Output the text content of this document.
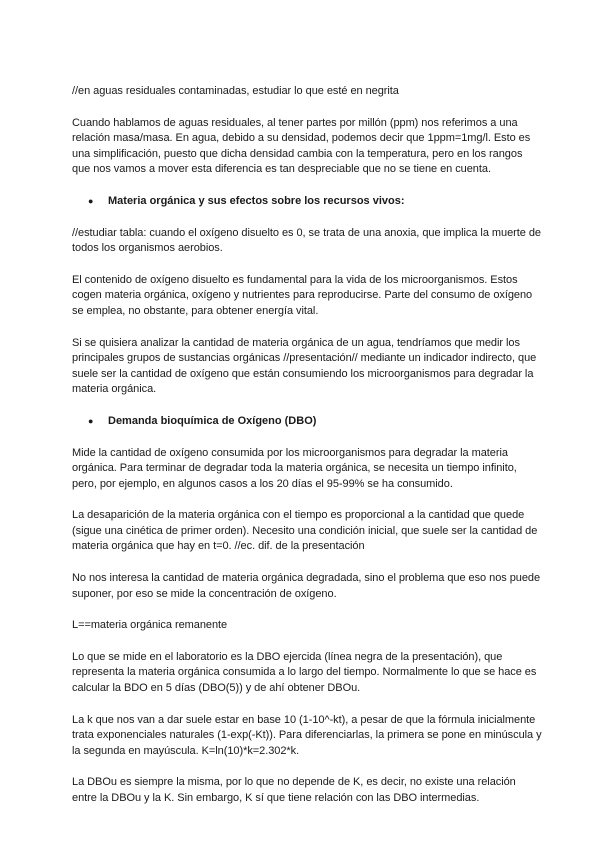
//en aguas residuales contaminadas, estudiar lo que esté en negrita

Cuando hablamos de aguas residuales, al tener partes por millón (ppm) nos referimos a una relación masa/masa. En agua, debido a su densidad, podemos decir que 1ppm=1mg/l. Esto es una simplificación, puesto que dicha densidad cambia con la temperatura, pero en los rangos que nos vamos a mover esta diferencia es tan despreciable que no se tiene en cuenta.

●	Materia orgánica y sus efectos sobre los recursos vivos:

//estudiar tabla: cuando el oxígeno disuelto es 0, se trata de una anoxia, que implica la muerte de todos los organismos aerobios.

El contenido de oxígeno disuelto es fundamental para la vida de los microorganismos. Estos cogen materia orgánica, oxígeno y nutrientes para reproducirse. Parte del consumo de oxígeno se emplea, no obstante, para obtener energía vital.

Si se quisiera analizar la cantidad de materia orgánica de un agua, tendríamos que medir los principales grupos de sustancias orgánicas //presentación// mediante un indicador indirecto, que suele ser la cantidad de oxígeno que están consumiendo los microorganismos para degradar la materia orgánica.

●	Demanda bioquímica de Oxígeno (DBO)

Mide la cantidad de oxígeno consumida por los microorganismos para degradar la materia orgánica. Para terminar de degradar toda la materia orgánica, se necesita un tiempo infinito, pero, por ejemplo, en algunos casos a los 20 días el 95-99% se ha consumido.

La desaparición de la materia orgánica con el tiempo es proporcional a la cantidad que quede (sigue una cinética de primer orden). Necesito una condición inicial, que suele ser la cantidad de materia orgánica que hay en t=0. //ec. dif. de la presentación

No nos interesa la cantidad de materia orgánica degradada, sino el problema que eso nos puede suponer, por eso se mide la concentración de oxígeno.

L==materia orgánica remanente

Lo que se mide en el laboratorio es la DBO ejercida (línea negra de la presentación), que representa la materia orgánica consumida a lo largo del tiempo. Normalmente lo que se hace es calcular la BDO en 5 días (DBO(5)) y de ahí obtener DBOu.

La k que nos van a dar suele estar en base 10 (1-10^-kt), a pesar de que la fórmula inicialmente trata exponenciales naturales (1-exp(-Kt)). Para diferenciarlas, la primera se pone en minúscula y la segunda en mayúscula. K=ln(10)*k=2.302*k.

La DBOu es siempre la misma, por lo que no depende de K, es decir, no existe una relación entre la DBOu y la K. Sin embargo, K sí que tiene relación con las DBO intermedias.
